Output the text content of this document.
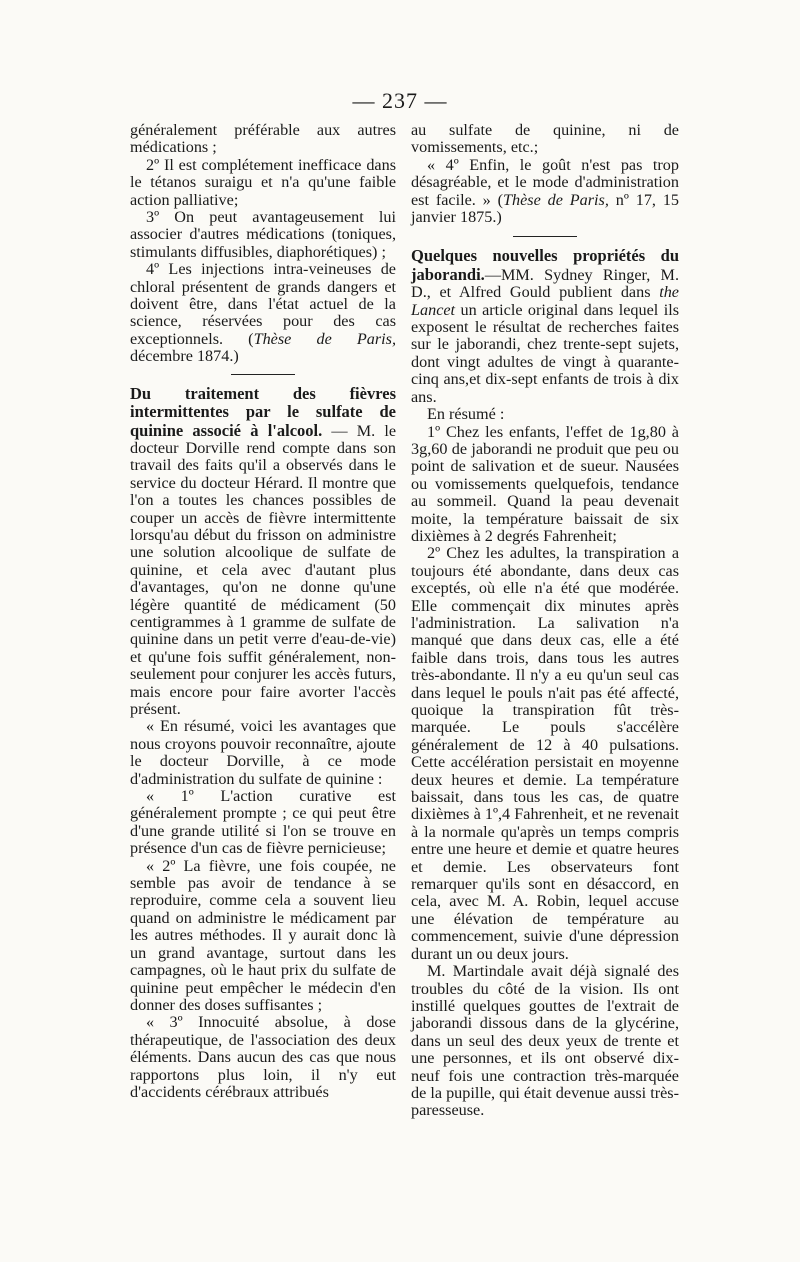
— 237 —

généralement préférable aux autres médications ;

2º Il est complétement inefficace dans le tétanos suraigu et n'a qu'une faible action palliative;

3º On peut avantageusement lui associer d'autres médications (toniques, stimulants diffusibles, diaphorétiques) ;

4º Les injections intra-veineuses de chloral présentent de grands dangers et doivent être, dans l'état actuel de la science, réservées pour des cas exceptionnels. (Thèse de Paris, décembre 1874.)

Du traitement des fièvres intermittentes par le sulfate de quinine associé à l'alcool. — M. le docteur Dorville rend compte dans son travail des faits qu'il a observés dans le service du docteur Hérard. Il montre que l'on a toutes les chances possibles de couper un accès de fièvre intermittente lorsqu'au début du frisson on administre une solution alcoolique de sulfate de quinine, et cela avec d'autant plus d'avantages, qu'on ne donne qu'une légère quantité de médicament (50 centigrammes à 1 gramme de sulfate de quinine dans un petit verre d'eau-de-vie) et qu'une fois suffit généralement, non-seulement pour conjurer les accès futurs, mais encore pour faire avorter l'accès présent.

« En résumé, voici les avantages que nous croyons pouvoir reconnaître, ajoute le docteur Dorville, à ce mode d'administration du sulfate de quinine :

« 1º L'action curative est généralement prompte ; ce qui peut être d'une grande utilité si l'on se trouve en présence d'un cas de fièvre pernicieuse;

« 2º La fièvre, une fois coupée, ne semble pas avoir de tendance à se reproduire, comme cela a souvent lieu quand on administre le médicament par les autres méthodes. Il y aurait donc là un grand avantage, surtout dans les campagnes, où le haut prix du sulfate de quinine peut empêcher le médecin d'en donner des doses suffisantes ;

« 3º Innocuité absolue, à dose thérapeutique, de l'association des deux éléments. Dans aucun des cas que nous rapportons plus loin, il n'y eut d'accidents cérébraux attribués

au sulfate de quinine, ni de vomissements, etc.;

« 4º Enfin, le goût n'est pas trop désagréable, et le mode d'administration est facile. » (Thèse de Paris, nº 17, 15 janvier 1875.)

Quelques nouvelles propriétés du jaborandi.—MM. Sydney Ringer, M. D., et Alfred Gould publient dans the Lancet un article original dans lequel ils exposent le résultat de recherches faites sur le jaborandi, chez trente-sept sujets, dont vingt adultes de vingt à quarante-cinq ans,et dix-sept enfants de trois à dix ans.

En résumé :

1º Chez les enfants, l'effet de 1g,80 à 3g,60 de jaborandi ne produit que peu ou point de salivation et de sueur. Nausées ou vomissements quelquefois, tendance au sommeil. Quand la peau devenait moite, la température baissait de six dixièmes à 2 degrés Fahrenheit;

2º Chez les adultes, la transpiration a toujours été abondante, dans deux cas exceptés, où elle n'a été que modérée. Elle commençait dix minutes après l'administration. La salivation n'a manqué que dans deux cas, elle a été faible dans trois, dans tous les autres très-abondante. Il n'y a eu qu'un seul cas dans lequel le pouls n'ait pas été affecté, quoique la transpiration fût très-marquée. Le pouls s'accélère généralement de 12 à 40 pulsations. Cette accélération persistait en moyenne deux heures et demie. La température baissait, dans tous les cas, de quatre dixièmes à 1º,4 Fahrenheit, et ne revenait à la normale qu'après un temps compris entre une heure et demie et quatre heures et demie. Les observateurs font remarquer qu'ils sont en désaccord, en cela, avec M. A. Robin, lequel accuse une élévation de température au commencement, suivie d'une dépression durant un ou deux jours.

M. Martindale avait déjà signalé des troubles du côté de la vision. Ils ont instillé quelques gouttes de l'extrait de jaborandi dissous dans de la glycérine, dans un seul des deux yeux de trente et une personnes, et ils ont observé dix-neuf fois une contraction très-marquée de la pupille, qui était devenue aussi très-paresseuse.
